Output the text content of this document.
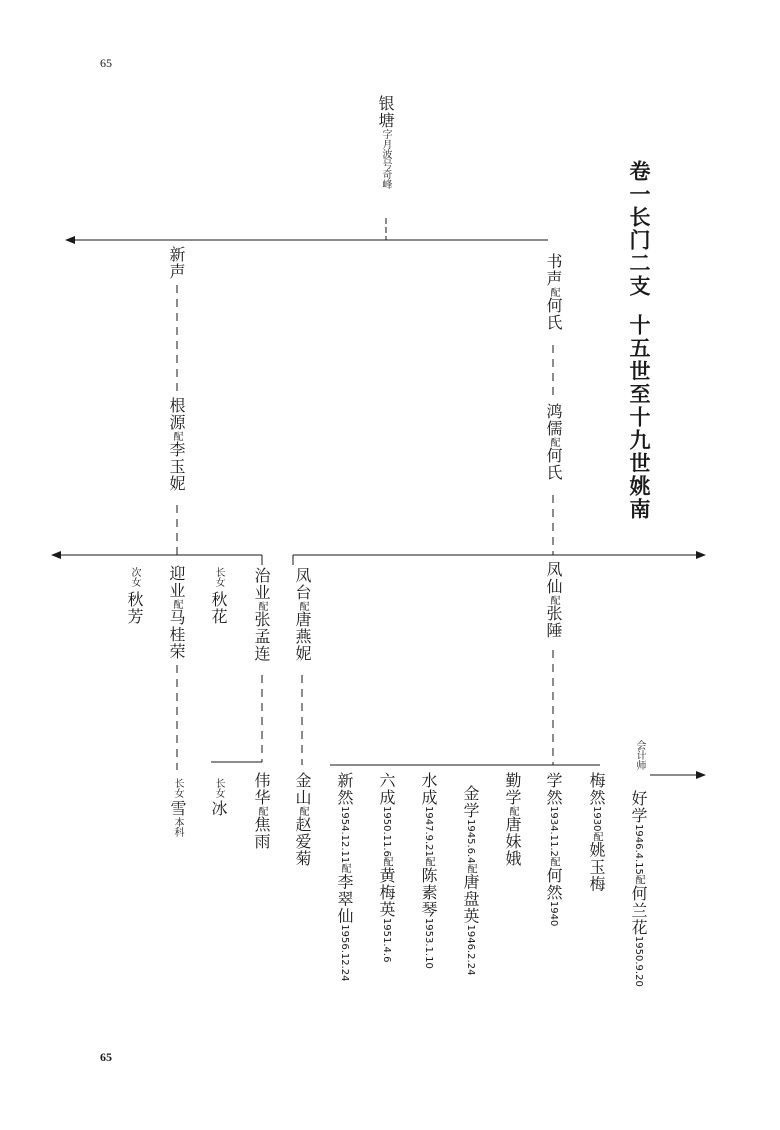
65
65
卷一长门二支十五世至十九世姚南
银塘字月波号奇峰
新声
根源配李玉妮
迎业配马桂荣
次女
秋芳
长女
秋花
治业配张孟连
长女
雪本科
长女
冰
伟华配焦雨
书声配何氏
鸿儒配何氏
凤台配唐燕妮
凤仙配张陲
金山配赵爱菊
新然1954.12.11配李翠仙1956.12.24
六成1950.11.6配黄梅英1951.4.6
水成1947.9.21配陈素琴1953.1.10
金学1945.6.4配唐盘英1946.2.24
勤学配唐妹娥
学然1934.11.2配何然1940
梅然1930配姚玉梅
会计师
好学1946.4.15配何兰花1950.9.20
